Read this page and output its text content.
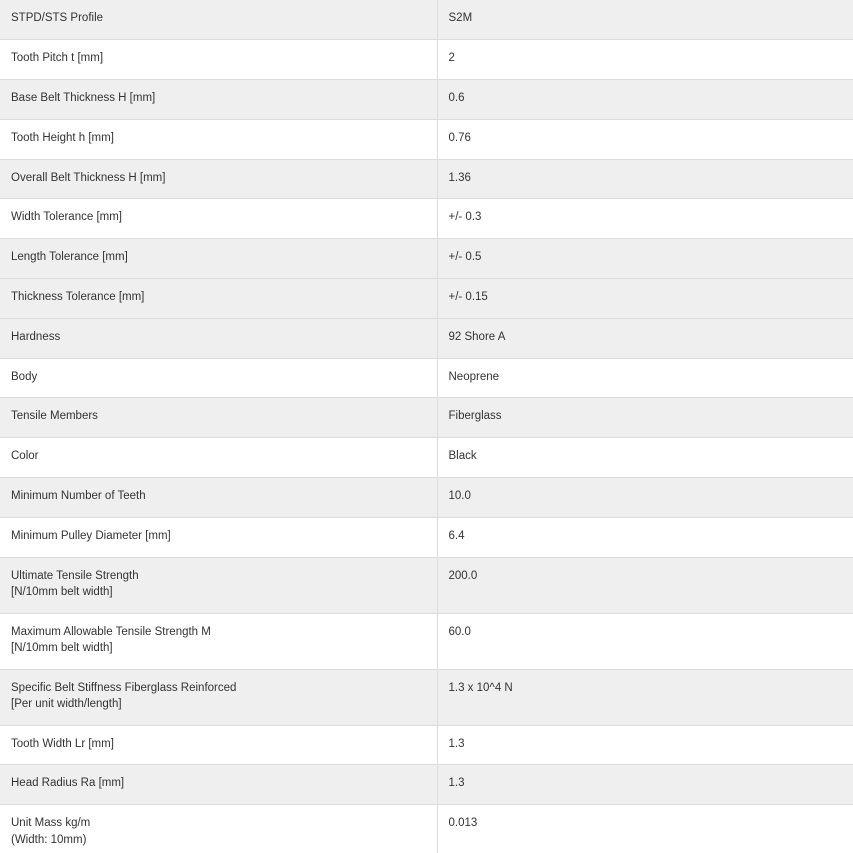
STPD/STS Profile	S2M
Tooth Pitch t [mm]	2
Base Belt Thickness H [mm]	0.6
Tooth Height h [mm]	0.76
Overall Belt Thickness H [mm]	1.36
Width Tolerance [mm]	+/- 0.3
Length Tolerance [mm]	+/- 0.5
Thickness Tolerance [mm]	+/- 0.15
Hardness	92 Shore A
Body	Neoprene
Tensile Members	Fiberglass
Color	Black
Minimum Number of Teeth	10.0
Minimum Pulley Diameter [mm]	6.4

Ultimate Tensile Strength
[N/10mm belt width]	200.0

Maximum Allowable Tensile Strength M
[N/10mm belt width]	60.0

Specific Belt Stiffness Fiberglass Reinforced
[Per unit width/length]	1.3 x 10^4 N
Tooth Width Lr [mm]	1.3
Head Radius Ra [mm]	1.3

Unit Mass kg/m
(Width: 10mm)	0.013
